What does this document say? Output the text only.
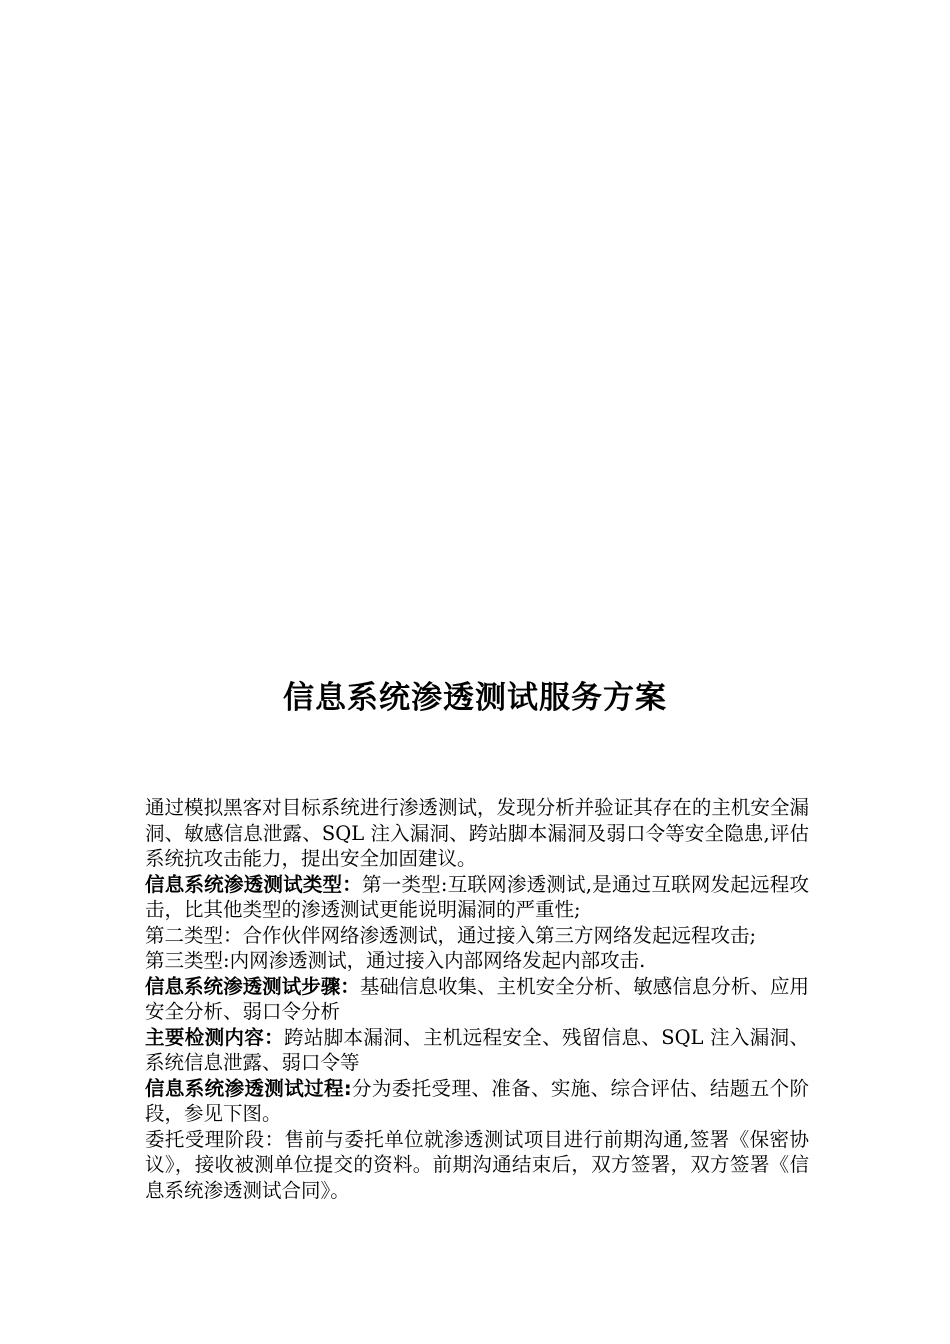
信息系统渗透测试服务方案

通过模拟黑客对目标系统进行渗透测试，发现分析并验证其存在的主机安全漏洞、敏感信息泄露、SQL 注入漏洞、跨站脚本漏洞及弱口令等安全隐患,评估系统抗攻击能力，提出安全加固建议。

信息系统渗透测试类型：第一类型:互联网渗透测试,是通过互联网发起远程攻击，比其他类型的渗透测试更能说明漏洞的严重性;

第二类型：合作伙伴网络渗透测试，通过接入第三方网络发起远程攻击;

第三类型:内网渗透测试，通过接入内部网络发起内部攻击.

信息系统渗透测试步骤：基础信息收集、主机安全分析、敏感信息分析、应用安全分析、弱口令分析

主要检测内容：跨站脚本漏洞、主机远程安全、残留信息、SQL 注入漏洞、系统信息泄露、弱口令等

信息系统渗透测试过程:分为委托受理、准备、实施、综合评估、结题五个阶段，参见下图。

委托受理阶段：售前与委托单位就渗透测试项目进行前期沟通,签署《保密协议》，接收被测单位提交的资料。前期沟通结束后，双方签署，双方签署《信息系统渗透测试合同》。
